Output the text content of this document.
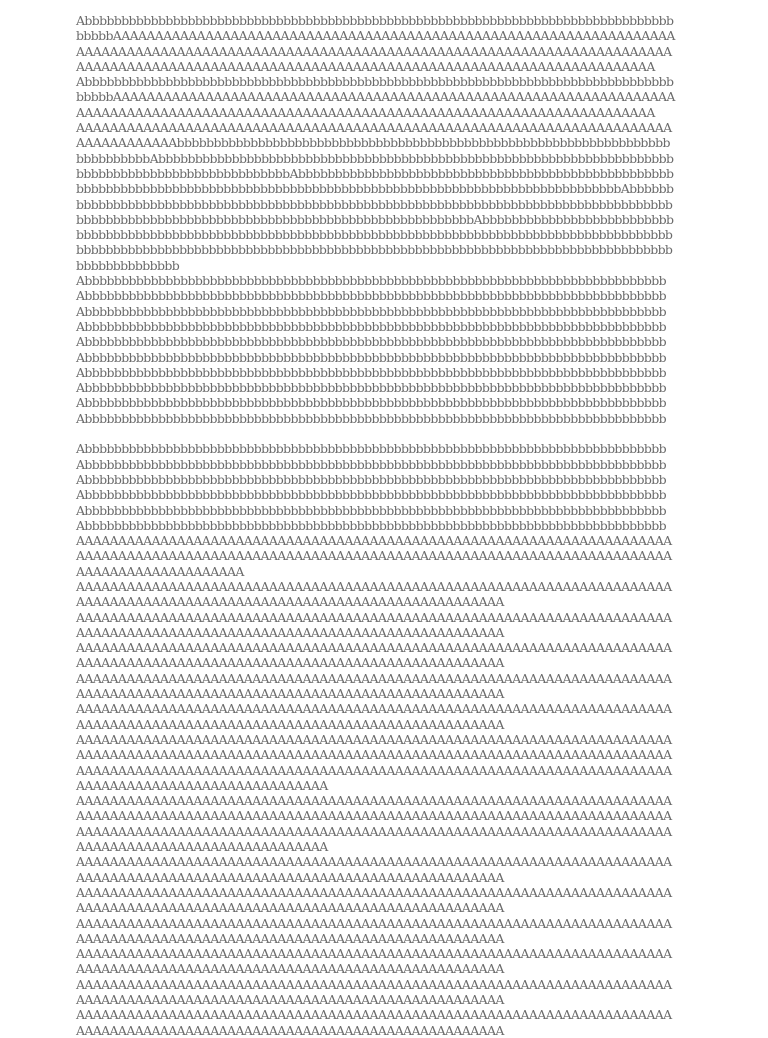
AbbbbbbbbbbbbbbbbbbbbbbbbbbbbbbbbbbbbbbbbbbbbbbbbbbbbbbbbbbbbbbbbbbbbbbbbbbbbbbbbbbbbbAAAAAAAAAAAAAAAAAAAAAAAAAAAAAAAAAAAAAAAAAAAAAAAAAAAAAAAAAAAAAAAAAAAAAAAAAAAAAAAAAAAAAAAAAAAAAAAAAAAAAAAAAAAAAAAAAAAAAAAAAAAAAAAAAAAAAAAAAAAAAAAAAAAAAAAAAAAAAAAAAAAAAAAAAAAAAAAAAAAAAAAAAAAAAAAAAAAAAAAAAAAAAAA

AbbbbbbbbbbbbbbbbbbbbbbbbbbbbbbbbbbbbbbbbbbbbbbbbbbbbbbbbbbbbbbbbbbbbbbbbbbbbbbbbbbbbbAAAAAAAAAAAAAAAAAAAAAAAAAAAAAAAAAAAAAAAAAAAAAAAAAAAAAAAAAAAAAAAAAAAAAAAAAAAAAAAAAAAAAAAAAAAAAAAAAAAAAAAAAAAAAAAAAAAAAAAAAAAAAAAAAAAAAAAA

AAAAAAAAAAAAAAAAAAAAAAAAAAAAAAAAAAAAAAAAAAAAAAAAAAAAAAAAAAAAAAAAAAAAAAAAAAAAAAAAAAAbbbbbbbbbbbbbbbbbbbbbbbbbbbbbbbbbbbbbbbbbbbbbbbbbbbbbbbbbbbbbbbbbbbbbbbbbbbbbAbbbbbbbbbbbbbbbbbbbbbbbbbbbbbbbbbbbbbbbbbbbbbbbbbbbbbbbbbbbbbbbbbbbbbbbbbbbbbbbbbbbbbbbbbbbbbbbbbbbAbbbbbbbbbbbbbbbbbbbbbbbbbbbbbbbbbbbbbbbbbbbbbbbbbbbbbbbbbbbbbbbbbbbbbbbbbbbbbbbbbbbbbbbbbbbbbbbbbbbbbbbbbbbbbbbbbbbbbbbbbbbbbAbbbbbbbbbbbbbbbbbbbbbbbbbbbbbbbbbbbbbbbbbbbbbbbbbbbbbbbbbbbbbbbbbbbbbbbbbbbbbbbbbbbbbbbbbbbbbbbbbbbbbbbbbbbbbbbbbbbbbbbbbbbbbbbbbbbbbbbbbbbbbAbbbbbbbbbbbbbbbbbbbbbbbbbbbbbbbbbbbbbbbbbbbbbbbbbbbbbbbbbbbbbbbbbbbbbbbbbbbbbbbbbbbbbbbbbbbbbbbbbbbbbbbbbbbbbbbbbbbbbbbbbbbbbbbbbbbbbbbbbbbbbbbbbbbbbbbbbbbbbbbbbbbbbbbbbbbbbbbbbbbbbbbbbbbbbbbbbbbbbbbbbb

Abbbbbbbbbbbbbbbbbbbbbbbbbbbbbbbbbbbbbbbbbbbbbbbbbbbbbbbbbbbbbbbbbbbbbbbbbbbbbbb

Abbbbbbbbbbbbbbbbbbbbbbbbbbbbbbbbbbbbbbbbbbbbbbbbbbbbbbbbbbbbbbbbbbbbbbbbbbbbbbb

Abbbbbbbbbbbbbbbbbbbbbbbbbbbbbbbbbbbbbbbbbbbbbbbbbbbbbbbbbbbbbbbbbbbbbbbbbbbbbbb

Abbbbbbbbbbbbbbbbbbbbbbbbbbbbbbbbbbbbbbbbbbbbbbbbbbbbbbbbbbbbbbbbbbbbbbbbbbbbbbb

Abbbbbbbbbbbbbbbbbbbbbbbbbbbbbbbbbbbbbbbbbbbbbbbbbbbbbbbbbbbbbbbbbbbbbbbbbbbbbbb

Abbbbbbbbbbbbbbbbbbbbbbbbbbbbbbbbbbbbbbbbbbbbbbbbbbbbbbbbbbbbbbbbbbbbbbbbbbbbbbb

Abbbbbbbbbbbbbbbbbbbbbbbbbbbbbbbbbbbbbbbbbbbbbbbbbbbbbbbbbbbbbbbbbbbbbbbbbbbbbbb

Abbbbbbbbbbbbbbbbbbbbbbbbbbbbbbbbbbbbbbbbbbbbbbbbbbbbbbbbbbbbbbbbbbbbbbbbbbbbbbb

Abbbbbbbbbbbbbbbbbbbbbbbbbbbbbbbbbbbbbbbbbbbbbbbbbbbbbbbbbbbbbbbbbbbbbbbbbbbbbbb

Abbbbbbbbbbbbbbbbbbbbbbbbbbbbbbbbbbbbbbbbbbbbbbbbbbbbbbbbbbbbbbbbbbbbbbbbbbbbbbb

Abbbbbbbbbbbbbbbbbbbbbbbbbbbbbbbbbbbbbbbbbbbbbbbbbbbbbbbbbbbbbbbbbbbbbbbbbbbbbbb

Abbbbbbbbbbbbbbbbbbbbbbbbbbbbbbbbbbbbbbbbbbbbbbbbbbbbbbbbbbbbbbbbbbbbbbbbbbbbbbb

Abbbbbbbbbbbbbbbbbbbbbbbbbbbbbbbbbbbbbbbbbbbbbbbbbbbbbbbbbbbbbbbbbbbbbbbbbbbbbbb

Abbbbbbbbbbbbbbbbbbbbbbbbbbbbbbbbbbbbbbbbbbbbbbbbbbbbbbbbbbbbbbbbbbbbbbbbbbbbbbb

Abbbbbbbbbbbbbbbbbbbbbbbbbbbbbbbbbbbbbbbbbbbbbbbbbbbbbbbbbbbbbbbbbbbbbbbbbbbbbbb

Abbbbbbbbbbbbbbbbbbbbbbbbbbbbbbbbbbbbbbbbbbbbbbbbbbbbbbbbbbbbbbbbbbbbbbbbbbbbbbb

AAAAAAAAAAAAAAAAAAAAAAAAAAAAAAAAAAAAAAAAAAAAAAAAAAAAAAAAAAAAAAAAAAAAAAAAAAAAAAAAAAAAAAAAAAAAAAAAAAAAAAAAAAAAAAAAAAAAAAAAAAAAAAAAAAAAAAAAAAAAAAAAAAAAAAAAAAAAAAAAAA

AAAAAAAAAAAAAAAAAAAAAAAAAAAAAAAAAAAAAAAAAAAAAAAAAAAAAAAAAAAAAAAAAAAAAAAAAAAAAAAAAAAAAAAAAAAAAAAAAAAAAAAAAAAAAAAAAAAAAAAAAA

AAAAAAAAAAAAAAAAAAAAAAAAAAAAAAAAAAAAAAAAAAAAAAAAAAAAAAAAAAAAAAAAAAAAAAAAAAAAAAAAAAAAAAAAAAAAAAAAAAAAAAAAAAAAAAAAAAAAAAAAAA

AAAAAAAAAAAAAAAAAAAAAAAAAAAAAAAAAAAAAAAAAAAAAAAAAAAAAAAAAAAAAAAAAAAAAAAAAAAAAAAAAAAAAAAAAAAAAAAAAAAAAAAAAAAAAAAAAAAAAAAAAA

AAAAAAAAAAAAAAAAAAAAAAAAAAAAAAAAAAAAAAAAAAAAAAAAAAAAAAAAAAAAAAAAAAAAAAAAAAAAAAAAAAAAAAAAAAAAAAAAAAAAAAAAAAAAAAAAAAAAAAAAAA

AAAAAAAAAAAAAAAAAAAAAAAAAAAAAAAAAAAAAAAAAAAAAAAAAAAAAAAAAAAAAAAAAAAAAAAAAAAAAAAAAAAAAAAAAAAAAAAAAAAAAAAAAAAAAAAAAAAAAAAAAA

AAAAAAAAAAAAAAAAAAAAAAAAAAAAAAAAAAAAAAAAAAAAAAAAAAAAAAAAAAAAAAAAAAAAAAAAAAAAAAAAAAAAAAAAAAAAAAAAAAAAAAAAAAAAAAAAAAAAAAAAAAAAAAAAAAAAAAAAAAAAAAAAAAAAAAAAAAAAAAAAAAAAAAAAAAAAAAAAAAAAAAAAAAAAAAAAAAAAAAAAAAAAAAAAAAAAAAAAAAAAAAAAAAAAAAAAAAAAAAAAAAA

AAAAAAAAAAAAAAAAAAAAAAAAAAAAAAAAAAAAAAAAAAAAAAAAAAAAAAAAAAAAAAAAAAAAAAAAAAAAAAAAAAAAAAAAAAAAAAAAAAAAAAAAAAAAAAAAAAAAAAAAAAAAAAAAAAAAAAAAAAAAAAAAAAAAAAAAAAAAAAAAAAAAAAAAAAAAAAAAAAAAAAAAAAAAAAAAAAAAAAAAAAAAAAAAAAAAAAAAAAAAAAAAAAAAAAAAAAAAAAAAAAA

AAAAAAAAAAAAAAAAAAAAAAAAAAAAAAAAAAAAAAAAAAAAAAAAAAAAAAAAAAAAAAAAAAAAAAAAAAAAAAAAAAAAAAAAAAAAAAAAAAAAAAAAAAAAAAAAAAAAAAAAAA

AAAAAAAAAAAAAAAAAAAAAAAAAAAAAAAAAAAAAAAAAAAAAAAAAAAAAAAAAAAAAAAAAAAAAAAAAAAAAAAAAAAAAAAAAAAAAAAAAAAAAAAAAAAAAAAAAAAAAAAAAA

AAAAAAAAAAAAAAAAAAAAAAAAAAAAAAAAAAAAAAAAAAAAAAAAAAAAAAAAAAAAAAAAAAAAAAAAAAAAAAAAAAAAAAAAAAAAAAAAAAAAAAAAAAAAAAAAAAAAAAAAAA

AAAAAAAAAAAAAAAAAAAAAAAAAAAAAAAAAAAAAAAAAAAAAAAAAAAAAAAAAAAAAAAAAAAAAAAAAAAAAAAAAAAAAAAAAAAAAAAAAAAAAAAAAAAAAAAAAAAAAAAAAA

AAAAAAAAAAAAAAAAAAAAAAAAAAAAAAAAAAAAAAAAAAAAAAAAAAAAAAAAAAAAAAAAAAAAAAAAAAAAAAAAAAAAAAAAAAAAAAAAAAAAAAAAAAAAAAAAAAAAAAAAAA

AAAAAAAAAAAAAAAAAAAAAAAAAAAAAAAAAAAAAAAAAAAAAAAAAAAAAAAAAAAAAAAAAAAAAAAAAAAAAAAAAAAAAAAAAAAAAAAAAAAAAAAAAAAAAAAAAAAAAAAAAA
